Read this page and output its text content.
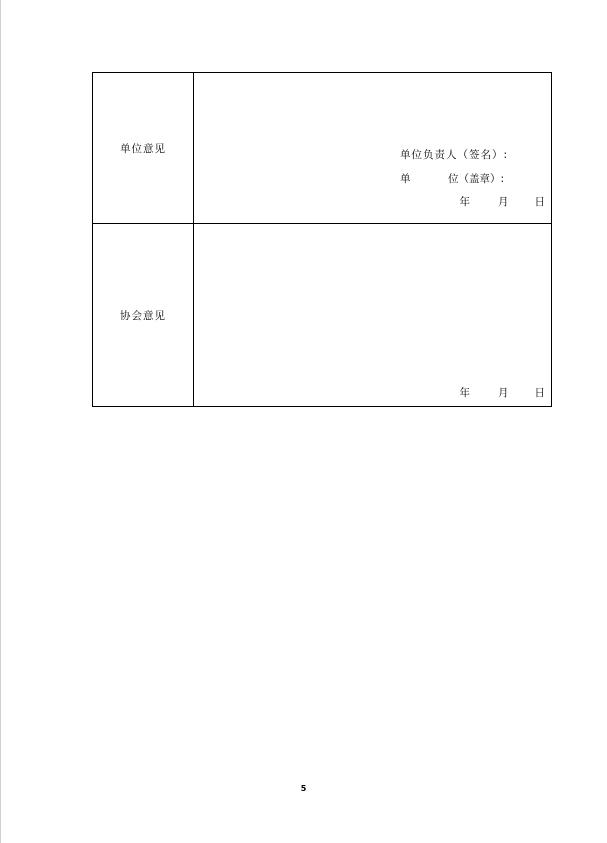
单位意见	单位负责人（签名）:
单 位（盖章）:
年 月 日

协会意见	年 月 日
5
